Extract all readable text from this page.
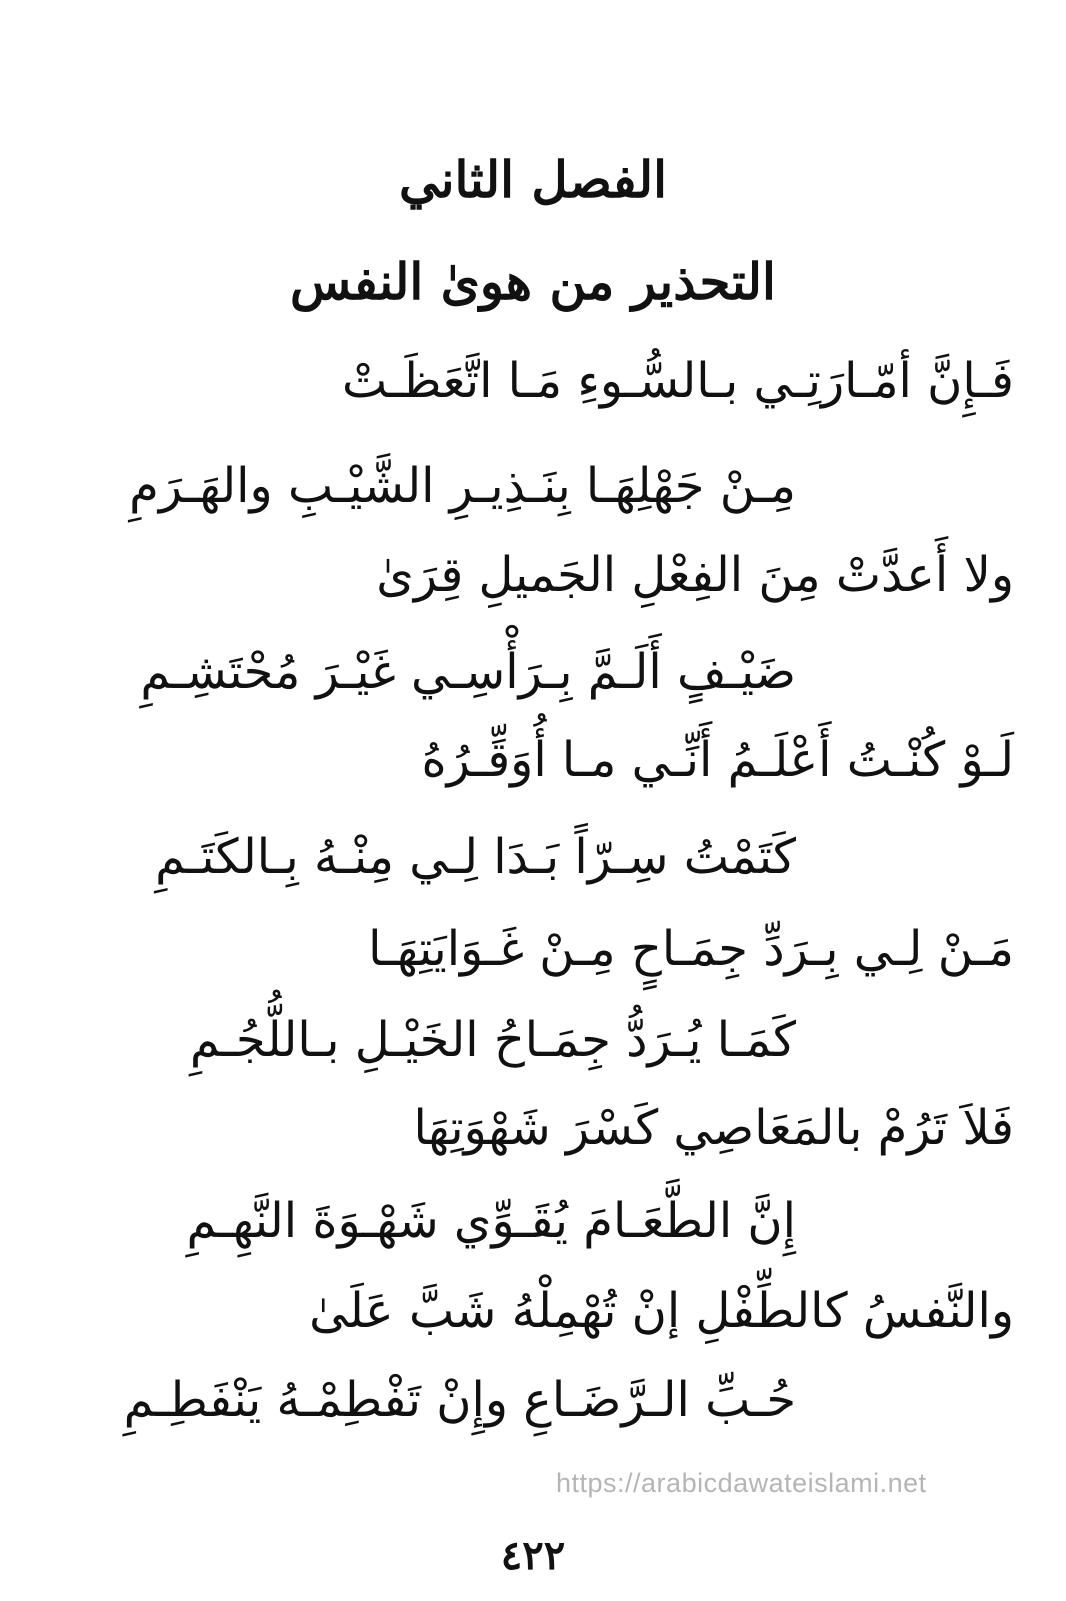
الفصل الثاني
التحذير من هوىٰ النفس
فَـإِنَّ أمّـارَتِـي بـالسُّـوءِ مَـا اتَّعَظَـتْ
مِـنْ جَهْلِهَـا بِنَـذِيـرِ الشَّيْـبِ والهَـرَمِ
ولا أَعدَّتْ مِنَ الفِعْلِ الجَميلِ قِرَىٰ
ضَيْـفٍ أَلَـمَّ بِـرَأْسِـي غَيْـرَ مُحْتَشِـمِ
لَـوْ كُنْـتُ أَعْلَـمُ أَنِّـي مـا أُوَقِّـرُهُ
كَتَمْتُ سِـرّاً بَـدَا لِـي مِنْـهُ بِـالكَتَـمِ
مَـنْ لِـي بِـرَدِّ جِمَـاحٍ مِـنْ غَـوَايَتِهَـا
كَمَـا يُـرَدُّ جِمَـاحُ الخَيْـلِ بـاللُّجُـمِ
فَلاَ تَرُمْ بالمَعَاصِي كَسْرَ شَهْوَتِهَا
إِنَّ الطَّعَـامَ يُقَـوِّي شَهْـوَةَ النَّهِـمِ
والنَّفسُ كالطِّفْلِ إنْ تُهْمِلْهُ شَبَّ عَلَىٰ
حُـبِّ الـرَّضَـاعِ وإِنْ تَفْطِمْـهُ يَنْفَطِـمِ
https://arabicdawateislami.net
٤٢٢
